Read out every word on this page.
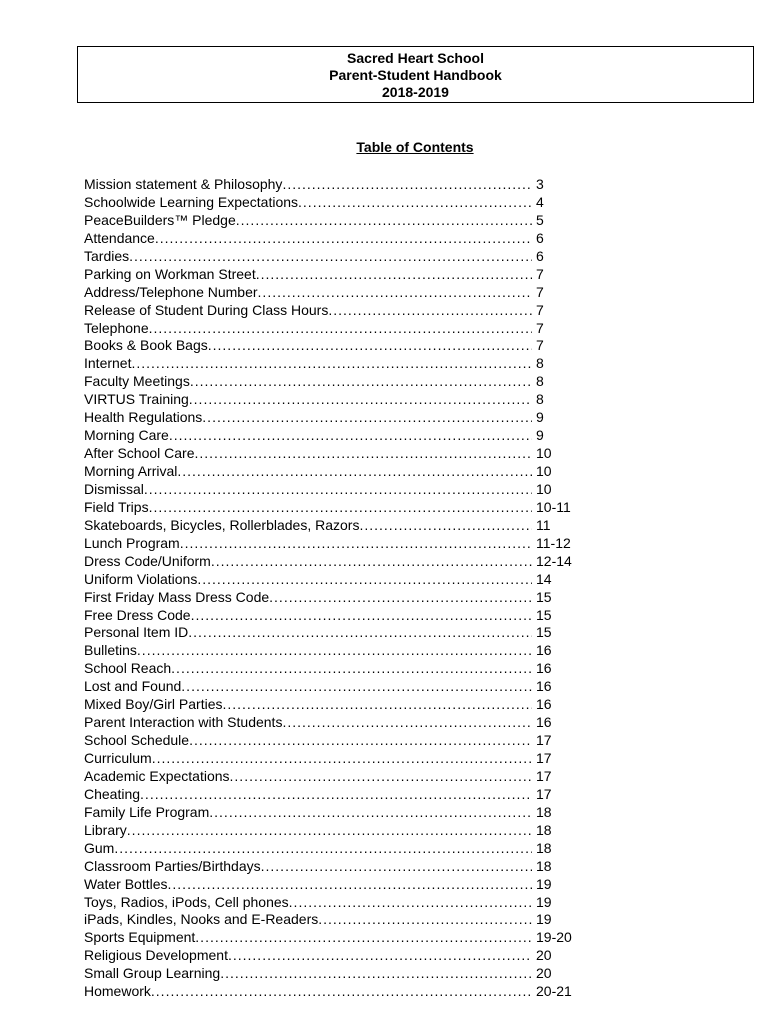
Sacred Heart School
Parent-Student Handbook
2018-2019
Table of Contents
Mission statement & Philosophy .....	3
Schoolwide Learning Expectations .....	4
PeaceBuilders™ Pledge .....	5
Attendance .....	6
Tardies .....	6
Parking on Workman Street .....	7
Address/Telephone Number .....	7
Release of Student During Class Hours .....	7
Telephone .....	7
Books & Book Bags .....	7
Internet .....	8
Faculty Meetings .....	8
VIRTUS Training .....	8
Health Regulations .....	9
Morning Care .....	9
After School Care .....	10
Morning Arrival .....	10
Dismissal .....	10
Field Trips .....	10-11
Skateboards, Bicycles, Rollerblades, Razors .....	11
Lunch Program .....	11-12
Dress Code/Uniform .....	12-14
Uniform Violations .....	14
First Friday Mass Dress Code .....	15
Free Dress Code .....	15
Personal Item ID .....	15
Bulletins .....	16
School Reach .....	16
Lost and Found .....	16
Mixed Boy/Girl Parties .....	16
Parent Interaction with Students .....	16
School Schedule .....	17
Curriculum .....	17
Academic Expectations .....	17
Cheating .....	17
Family Life Program .....	18
Library .....	18
Gum .....	18
Classroom Parties/Birthdays .....	18
Water Bottles .....	19
Toys, Radios, iPods, Cell phones .....	19
iPads, Kindles, Nooks and E-Readers .....	19
Sports Equipment .....	19-20
Religious Development .....	20
Small Group Learning .....	20
Homework .....	20-21
